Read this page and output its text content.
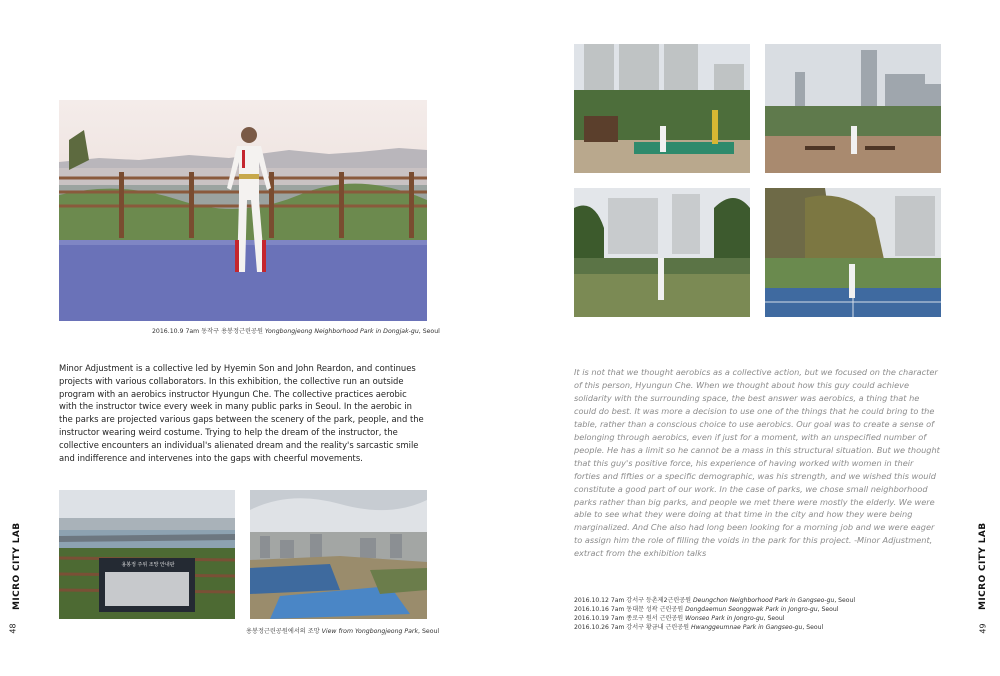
2016.10.9 7am 동작구 용봉정근린공원 Yongbongjeong Neighborhood Park in Dongjak-gu, Seoul
Minor Adjustment is a collective led by Hyemin Son and John Reardon, and continues projects with various collaborators. In this exhibition, the collective run an outside program with an aerobics instructor Hyungun Che. The collective practices aerobic with the instructor twice every week in many public parks in Seoul. In the aerobic in the parks are projected various gaps between the scenery of the park, people, and the instructor wearing weird costume. Trying to help the dream of the instructor, the collective encounters an individual's alienated dream and the reality's sarcastic smile and indifference and intervenes into the gaps with cheerful movements.
용봉정 주위 조망 안내판
용봉정근린공원에서의 조망 View from Yongbongjeong Park, Seoul
MICRO CITY LAB
48
It is not that we thought aerobics as a collective action, but we focused on the character of this person, Hyungun Che. When we thought about how this guy could achieve solidarity with the surrounding space, the best answer was aerobics, a thing that he could do best. It was more a decision to use one of the things that he could bring to the table, rather than a conscious choice to use aerobics. Our goal was to create a sense of belonging through aerobics, even if just for a moment, with an unspecified number of people. He has a limit so he cannot be a mass in this structural situation. But we thought that this guy's positive force, his experience of having worked with women in their forties and fifties or a specific demographic, was his strength, and we wished this would constitute a good part of our work. In the case of parks, we chose small neighborhood parks rather than big parks, and people we met there were mostly the elderly. We were able to see what they were doing at that time in the city and how they were being marginalized. And Che also had long been looking for a morning job and we were eager to assign him the role of filling the voids in the park for this project. -Minor Adjustment, extract from the exhibition talks
2016.10.12 7am 강서구 등촌제2근린공원 Deungchon Neighborhood Park in Gangseo-gu, Seoul
2016.10.16 7am 동대문 성곽 근린공원 Dongdaemun Seonggwak Park in Jongro-gu, Seoul
2016.10.19 7am 종로구 원서 근린공원 Wonseo Park in Jongro-gu, Seoul
2016.10.26 7am 강서구 황금내 근린공원 Hwanggeumnae Park in Gangseo-gu, Seoul
MICRO CITY LAB
49
